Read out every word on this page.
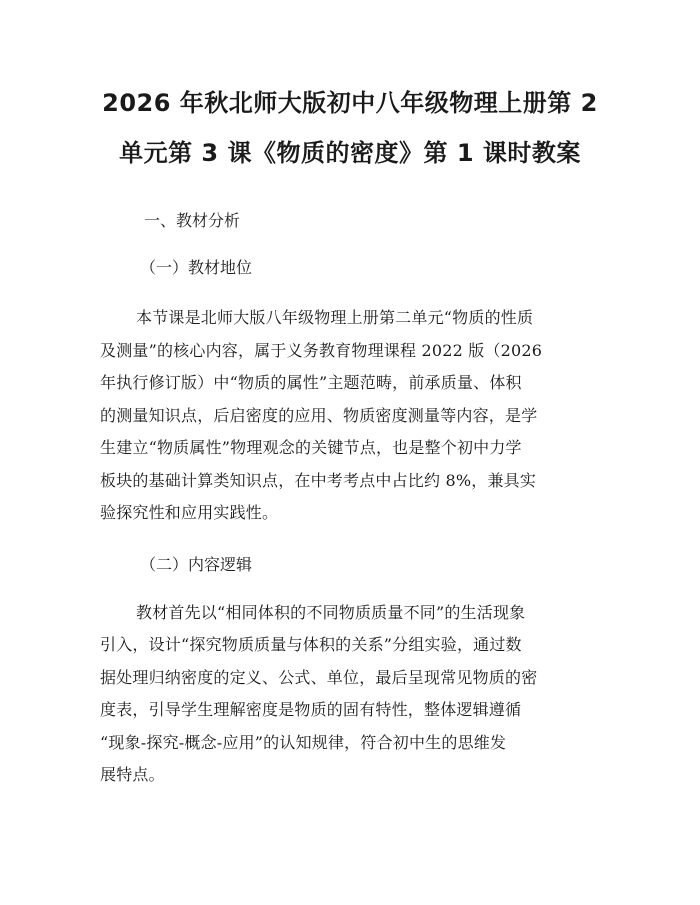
2026 年秋北师大版初中八年级物理上册第 2
单元第 3 课《物质的密度》第 1 课时教案

一、教材分析

（一）教材地位

本节课是北师大版八年级物理上册第二单元“物质的性质
及测量”的核心内容，属于义务教育物理课程 2022 版（2026
年执行修订版）中“物质的属性”主题范畴，前承质量、体积
的测量知识点，后启密度的应用、物质密度测量等内容，是学
生建立“物质属性”物理观念的关键节点，也是整个初中力学
板块的基础计算类知识点，在中考考点中占比约 8%，兼具实
验探究性和应用实践性。

（二）内容逻辑

教材首先以“相同体积的不同物质质量不同”的生活现象
引入，设计“探究物质质量与体积的关系”分组实验，通过数
据处理归纳密度的定义、公式、单位，最后呈现常见物质的密
度表，引导学生理解密度是物质的固有特性，整体逻辑遵循
“现象-探究-概念-应用”的认知规律，符合初中生的思维发
展特点。
